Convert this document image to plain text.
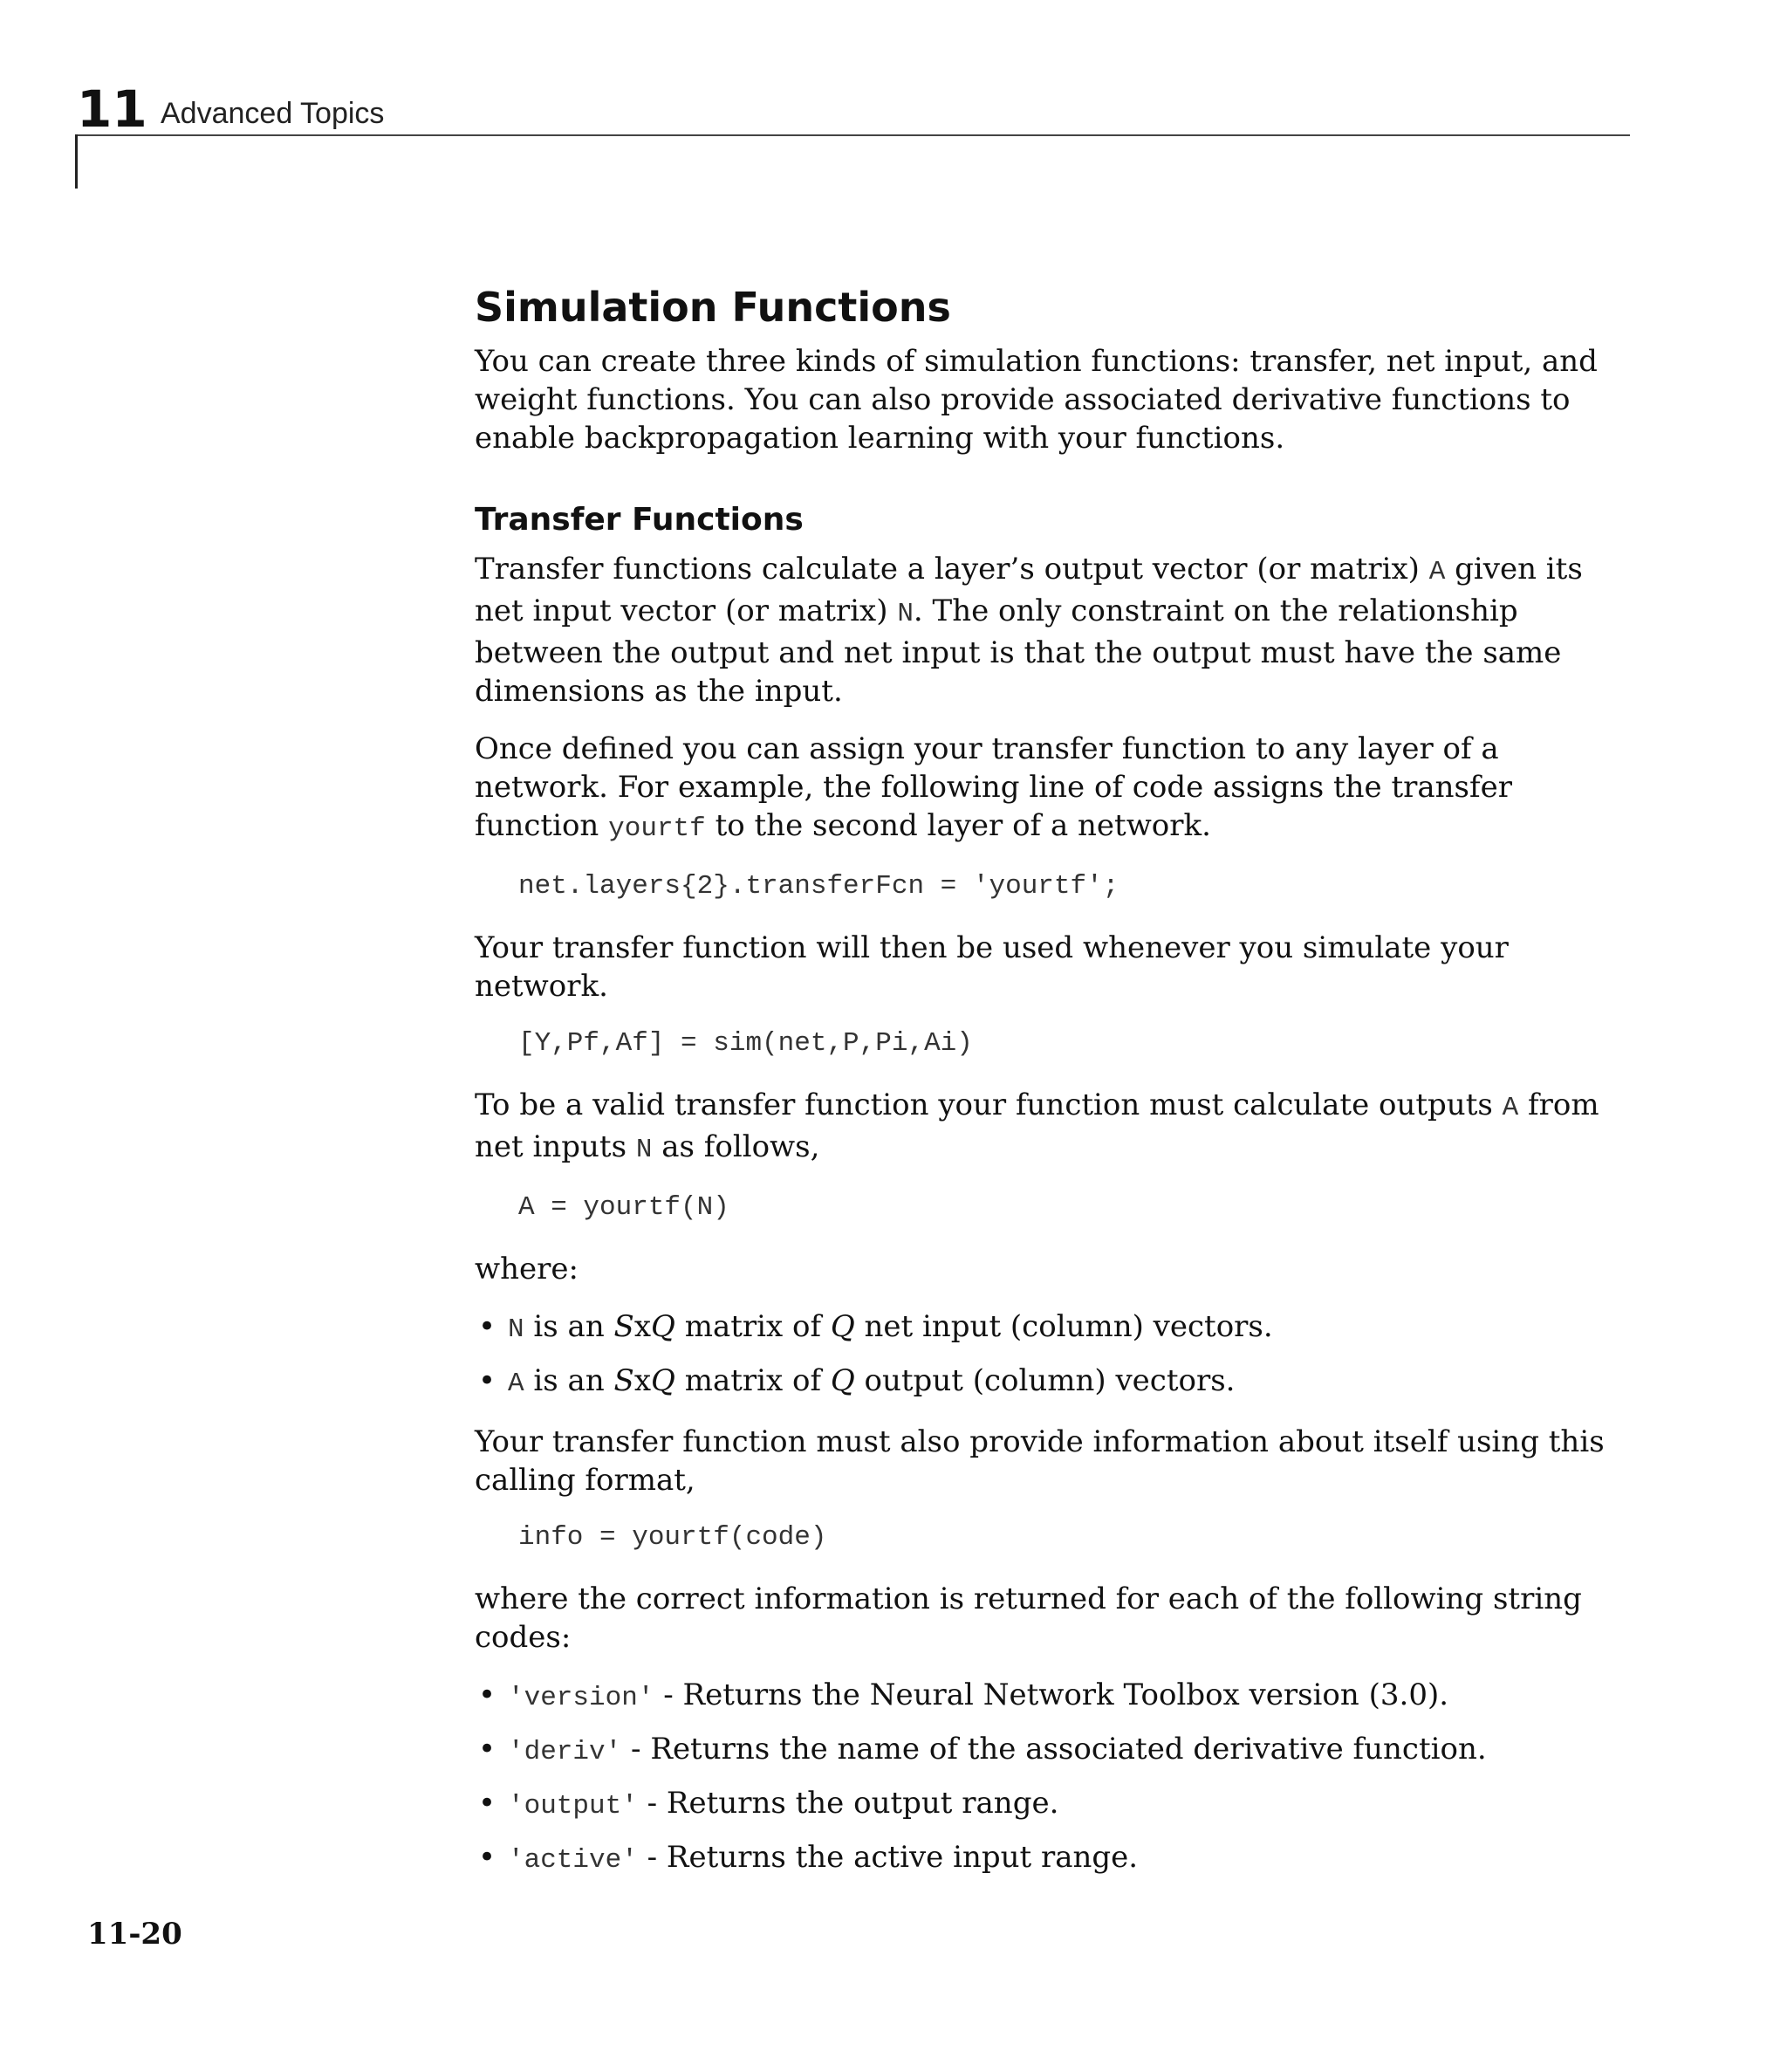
11 Advanced Topics
Simulation Functions

You can create three kinds of simulation functions: transfer, net input, and weight functions. You can also provide associated derivative functions to enable backpropagation learning with your functions.

Transfer Functions

Transfer functions calculate a layer’s output vector (or matrix) A given its net input vector (or matrix) N. The only constraint on the relationship between the output and net input is that the output must have the same dimensions as the input.

Once defined you can assign your transfer function to any layer of a network. For example, the following line of code assigns the transfer function yourtf to the second layer of a network.

net.layers{2}.transferFcn = 'yourtf';

Your transfer function will then be used whenever you simulate your network.

[Y,Pf,Af] = sim(net,P,Pi,Ai)

To be a valid transfer function your function must calculate outputs A from net inputs N as follows,

A = yourtf(N)

where:

• N is an SxQ matrix of Q net input (column) vectors.
• A is an SxQ matrix of Q output (column) vectors.

Your transfer function must also provide information about itself using this calling format,

info = yourtf(code)

where the correct information is returned for each of the following string codes:

• 'version' - Returns the Neural Network Toolbox version (3.0).
• 'deriv' - Returns the name of the associated derivative function.
• 'output' - Returns the output range.
• 'active' - Returns the active input range.
11-20
